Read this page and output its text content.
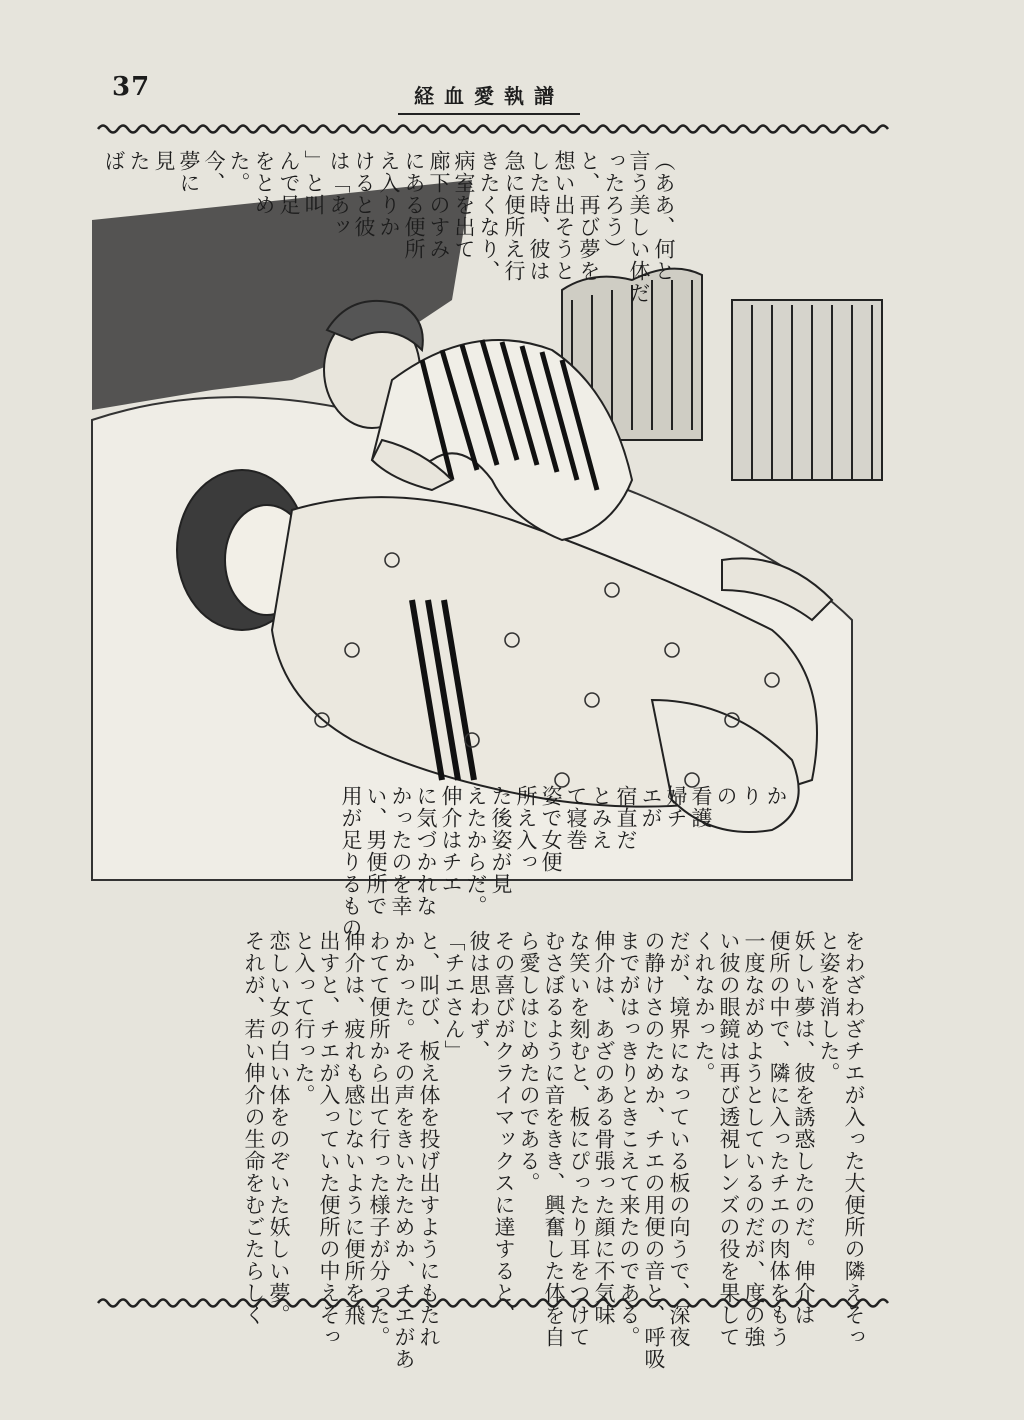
37	経血愛執譜
（ああ、何と
言う美しい体だ
ったろう）
と、再び夢を
想い出そうと
した時、彼は
急に便所え行
きたくなり、
病室を出て
廊下のすみ
にある便所
え入りか
けると彼
は「あッ
」と叫
んで足
をとめ
た。
今、
夢に
見
た
ば
か
り
の
看護
婦チ
エが
宿直だ
とみえ
て寝巻
姿で女便
所え入っ
た後姿が見
えたからだ。
伸介はチエ
に気づかれな
かったのを幸
い、男便所で
用が足りるもの
をわざわざチエが入った大便所の隣えそっ
と姿を消した。
妖しい夢は、彼を誘惑したのだ。伸介は
便所の中で、隣に入ったチエの肉体をもう
一度ながめようとしているのだが、度の強
い彼の眼鏡は再び透視レンズの役を果して
くれなかった。
だが、境界になっている板の向うで、深夜
の静けさのためか、チエの用便の音と、呼吸
までがはっきりときこえて来たのである。
伸介は、あざのある骨張った顔に不気味
な笑いを刻むと、板にぴったり耳をつけて
むさぼるように音をきき、興奮した体を自
ら愛しはじめたのである。
その喜びがクライマックスに達すると、
彼は思わず、
「チエさん」
と、叫び、板え体を投げ出すようにもたれ
かかった。その声をきいたためか、チエがあ
わてて便所から出て行った様子が分った。
伸介は、疲れも感じないように便所を飛
出すと、チエが入っていた便所の中えそっ
と入って行った。
恋しい女の白い体をのぞいた妖しい夢。
それが、若い伸介の生命をむごたらしく
